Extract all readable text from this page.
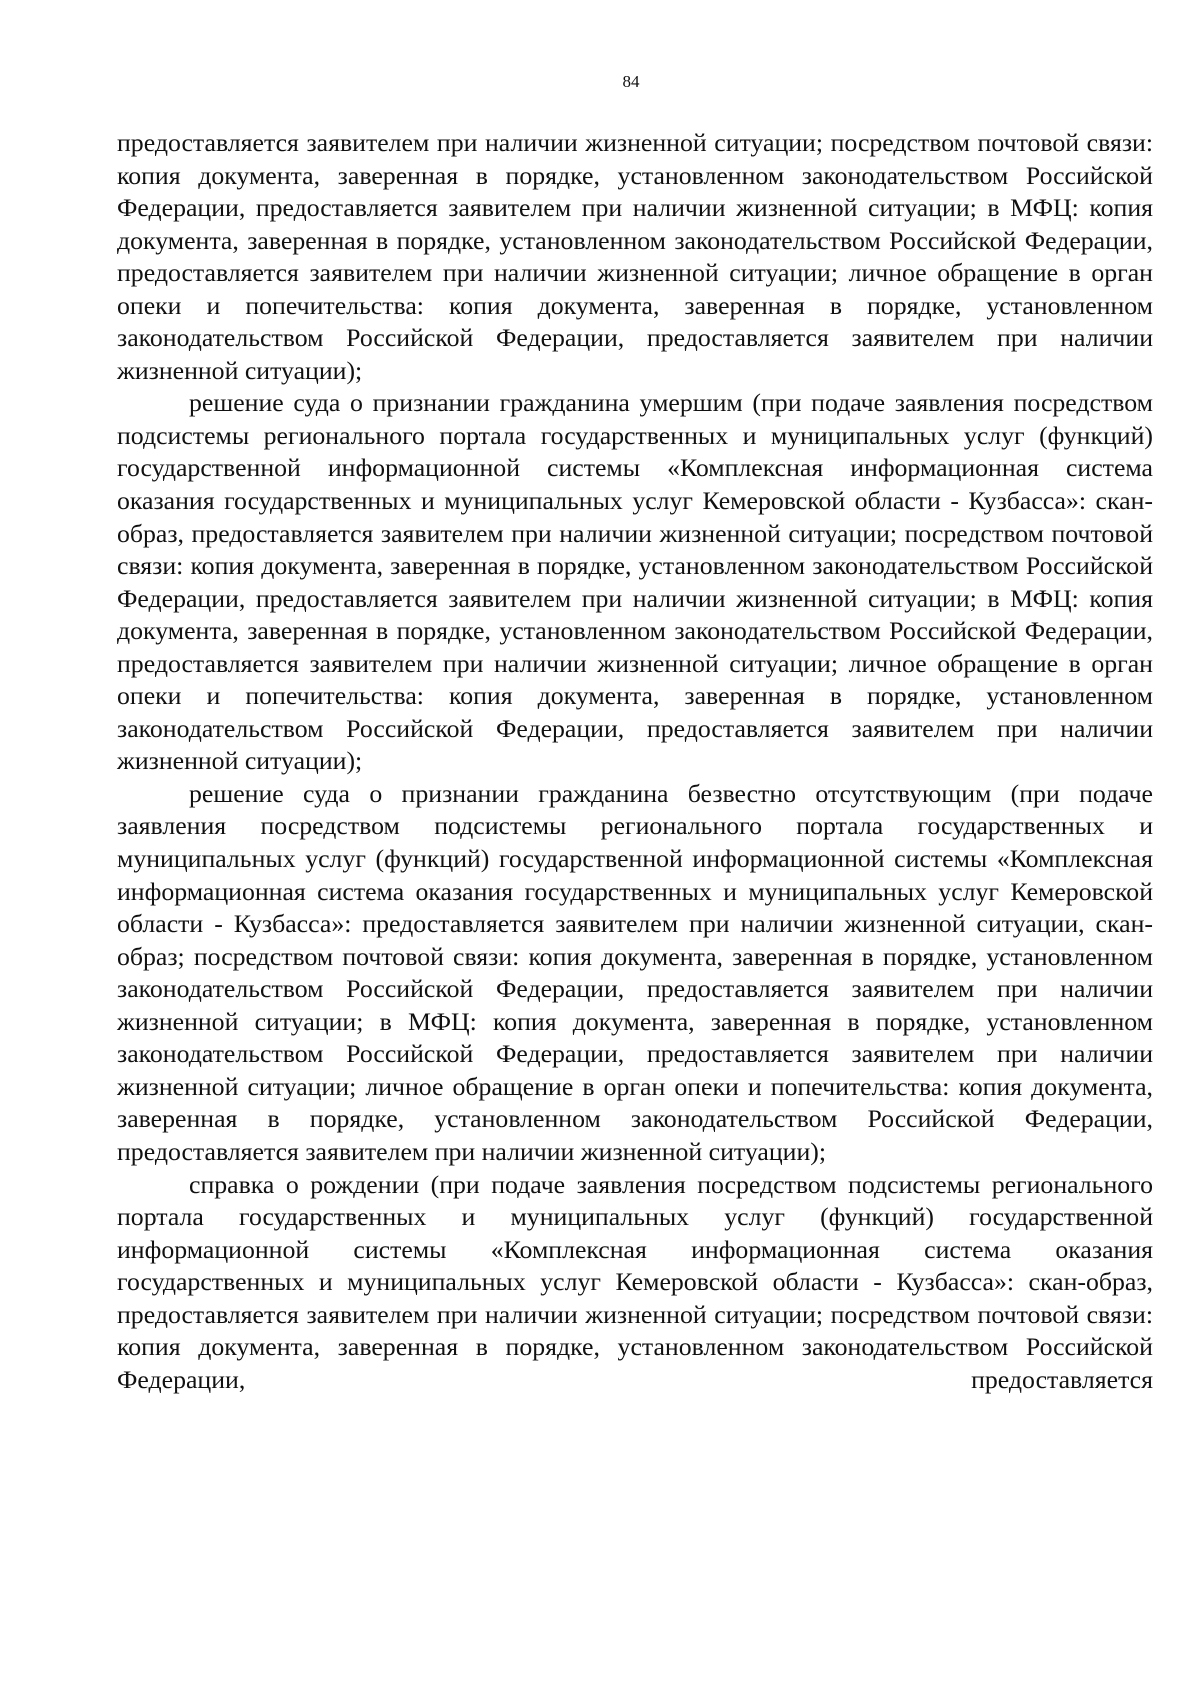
84

предоставляется заявителем при наличии жизненной ситуации; посредством почтовой связи: копия документа, заверенная в порядке, установленном законодательством Российской Федерации, предоставляется заявителем при наличии жизненной ситуации; в МФЦ: копия документа, заверенная в порядке, установленном законодательством Российской Федерации, предоставляется заявителем при наличии жизненной ситуации; личное обращение в орган опеки и попечительства: копия документа, заверенная в порядке, установленном законодательством Российской Федерации, предоставляется заявителем при наличии жизненной ситуации);

решение суда о признании гражданина умершим (при подаче заявления посредством подсистемы регионального портала государственных и муниципальных услуг (функций) государственной информационной системы «Комплексная информационная система оказания государственных и муниципальных услуг Кемеровской области - Кузбасса»: скан-образ, предоставляется заявителем при наличии жизненной ситуации; посредством почтовой связи: копия документа, заверенная в порядке, установленном законодательством Российской Федерации, предоставляется заявителем при наличии жизненной ситуации; в МФЦ: копия документа, заверенная в порядке, установленном законодательством Российской Федерации, предоставляется заявителем при наличии жизненной ситуации; личное обращение в орган опеки и попечительства: копия документа, заверенная в порядке, установленном законодательством Российской Федерации, предоставляется заявителем при наличии жизненной ситуации);

решение суда о признании гражданина безвестно отсутствующим (при подаче заявления посредством подсистемы регионального портала государственных и муниципальных услуг (функций) государственной информационной системы «Комплексная информационная система оказания государственных и муниципальных услуг Кемеровской области - Кузбасса»: предоставляется заявителем при наличии жизненной ситуации, скан-образ; посредством почтовой связи: копия документа, заверенная в порядке, установленном законодательством Российской Федерации, предоставляется заявителем при наличии жизненной ситуации; в МФЦ: копия документа, заверенная в порядке, установленном законодательством Российской Федерации, предоставляется заявителем при наличии жизненной ситуации; личное обращение в орган опеки и попечительства: копия документа, заверенная в порядке, установленном законодательством Российской Федерации, предоставляется заявителем при наличии жизненной ситуации);

справка о рождении (при подаче заявления посредством подсистемы регионального портала государственных и муниципальных услуг (функций) государственной информационной системы «Комплексная информационная система оказания государственных и муниципальных услуг Кемеровской области - Кузбасса»: скан-образ, предоставляется заявителем при наличии жизненной ситуации; посредством почтовой связи: копия документа, заверенная в порядке, установленном законодательством Российской Федерации, предоставляется
